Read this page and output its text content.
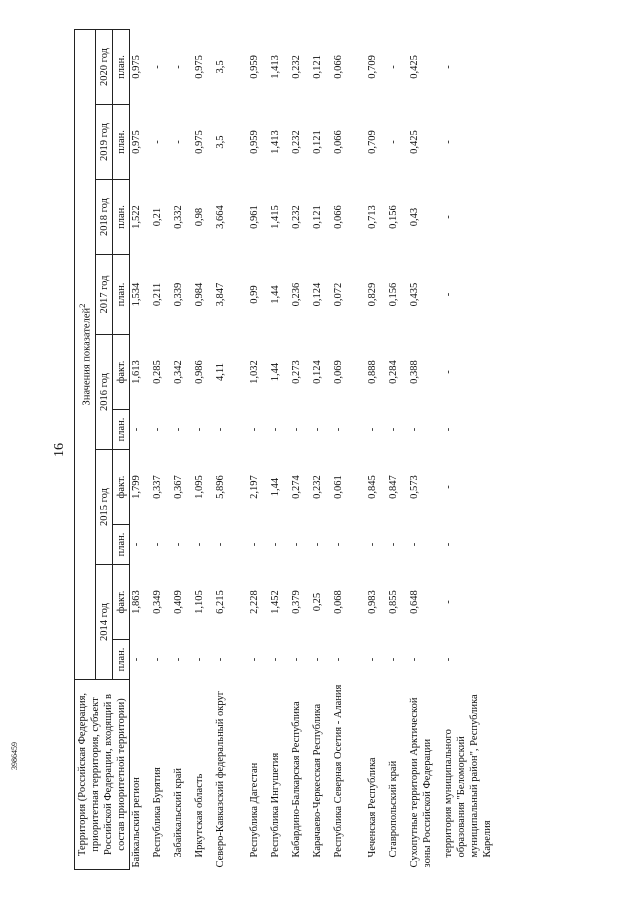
16
Территория (Российская Федерация, приоритетная территория, субъект Российской Федерации, входящий в состав приоритетной территории)	Значения показателей$^2$
	2014 год		2015 год		2016 год		2017 год	2018 год	2019 год	2020 год
	план.	факт.	план.	факт.	план.	факт.	план.	план.	план.	план.
Байкальский регион	-	1,863	-	1,799	-	1,613	1,534	1,522	0,975	0,975
Республика Бурятия	-	0,349	-	0,337	-	0,285	0,211	0,21	-	-
Забайкальский край	-	0,409	-	0,367	-	0,342	0,339	0,332	-	-
Иркутская область	-	1,105	-	1,095	-	0,986	0,984	0,98	0,975	0,975
Северо-Кавказский федеральный округ	-	6,215	-	5,896	-	4,11	3,847	3,664	3,5	3,5
Республика Дагестан	-	2,228	-	2,197	-	1,032	0,99	0,961	0,959	0,959
Республика Ингушетия	-	1,452	-	1,44	-	1,44	1,44	1,415	1,413	1,413
Кабардино-Балкарская Республика	-	0,379	-	0,274	-	0,273	0,236	0,232	0,232	0,232
Карачаево-Черкесская Республика	-	0,25	-	0,232	-	0,124	0,124	0,121	0,121	0,121
Республика Северная Осетия - Алания	-	0,068	-	0,061	-	0,069	0,072	0,066	0,066	0,066
Чеченская Республика	-	0,983	-	0,845	-	0,888	0,829	0,713	0,709	0,709
Ставропольский край	-	0,855	-	0,847	-	0,284	0,156	0,156	-	-
Сухопутные территории Арктической зоны Российской Федерации	-	0,648	-	0,573	-	0,388	0,435	0,43	0,425	0,425
территория муниципального образования "Беломорский муниципальный район", Республика Карелия	-	-	-	-	-	-	-	-	-	-
3986459
